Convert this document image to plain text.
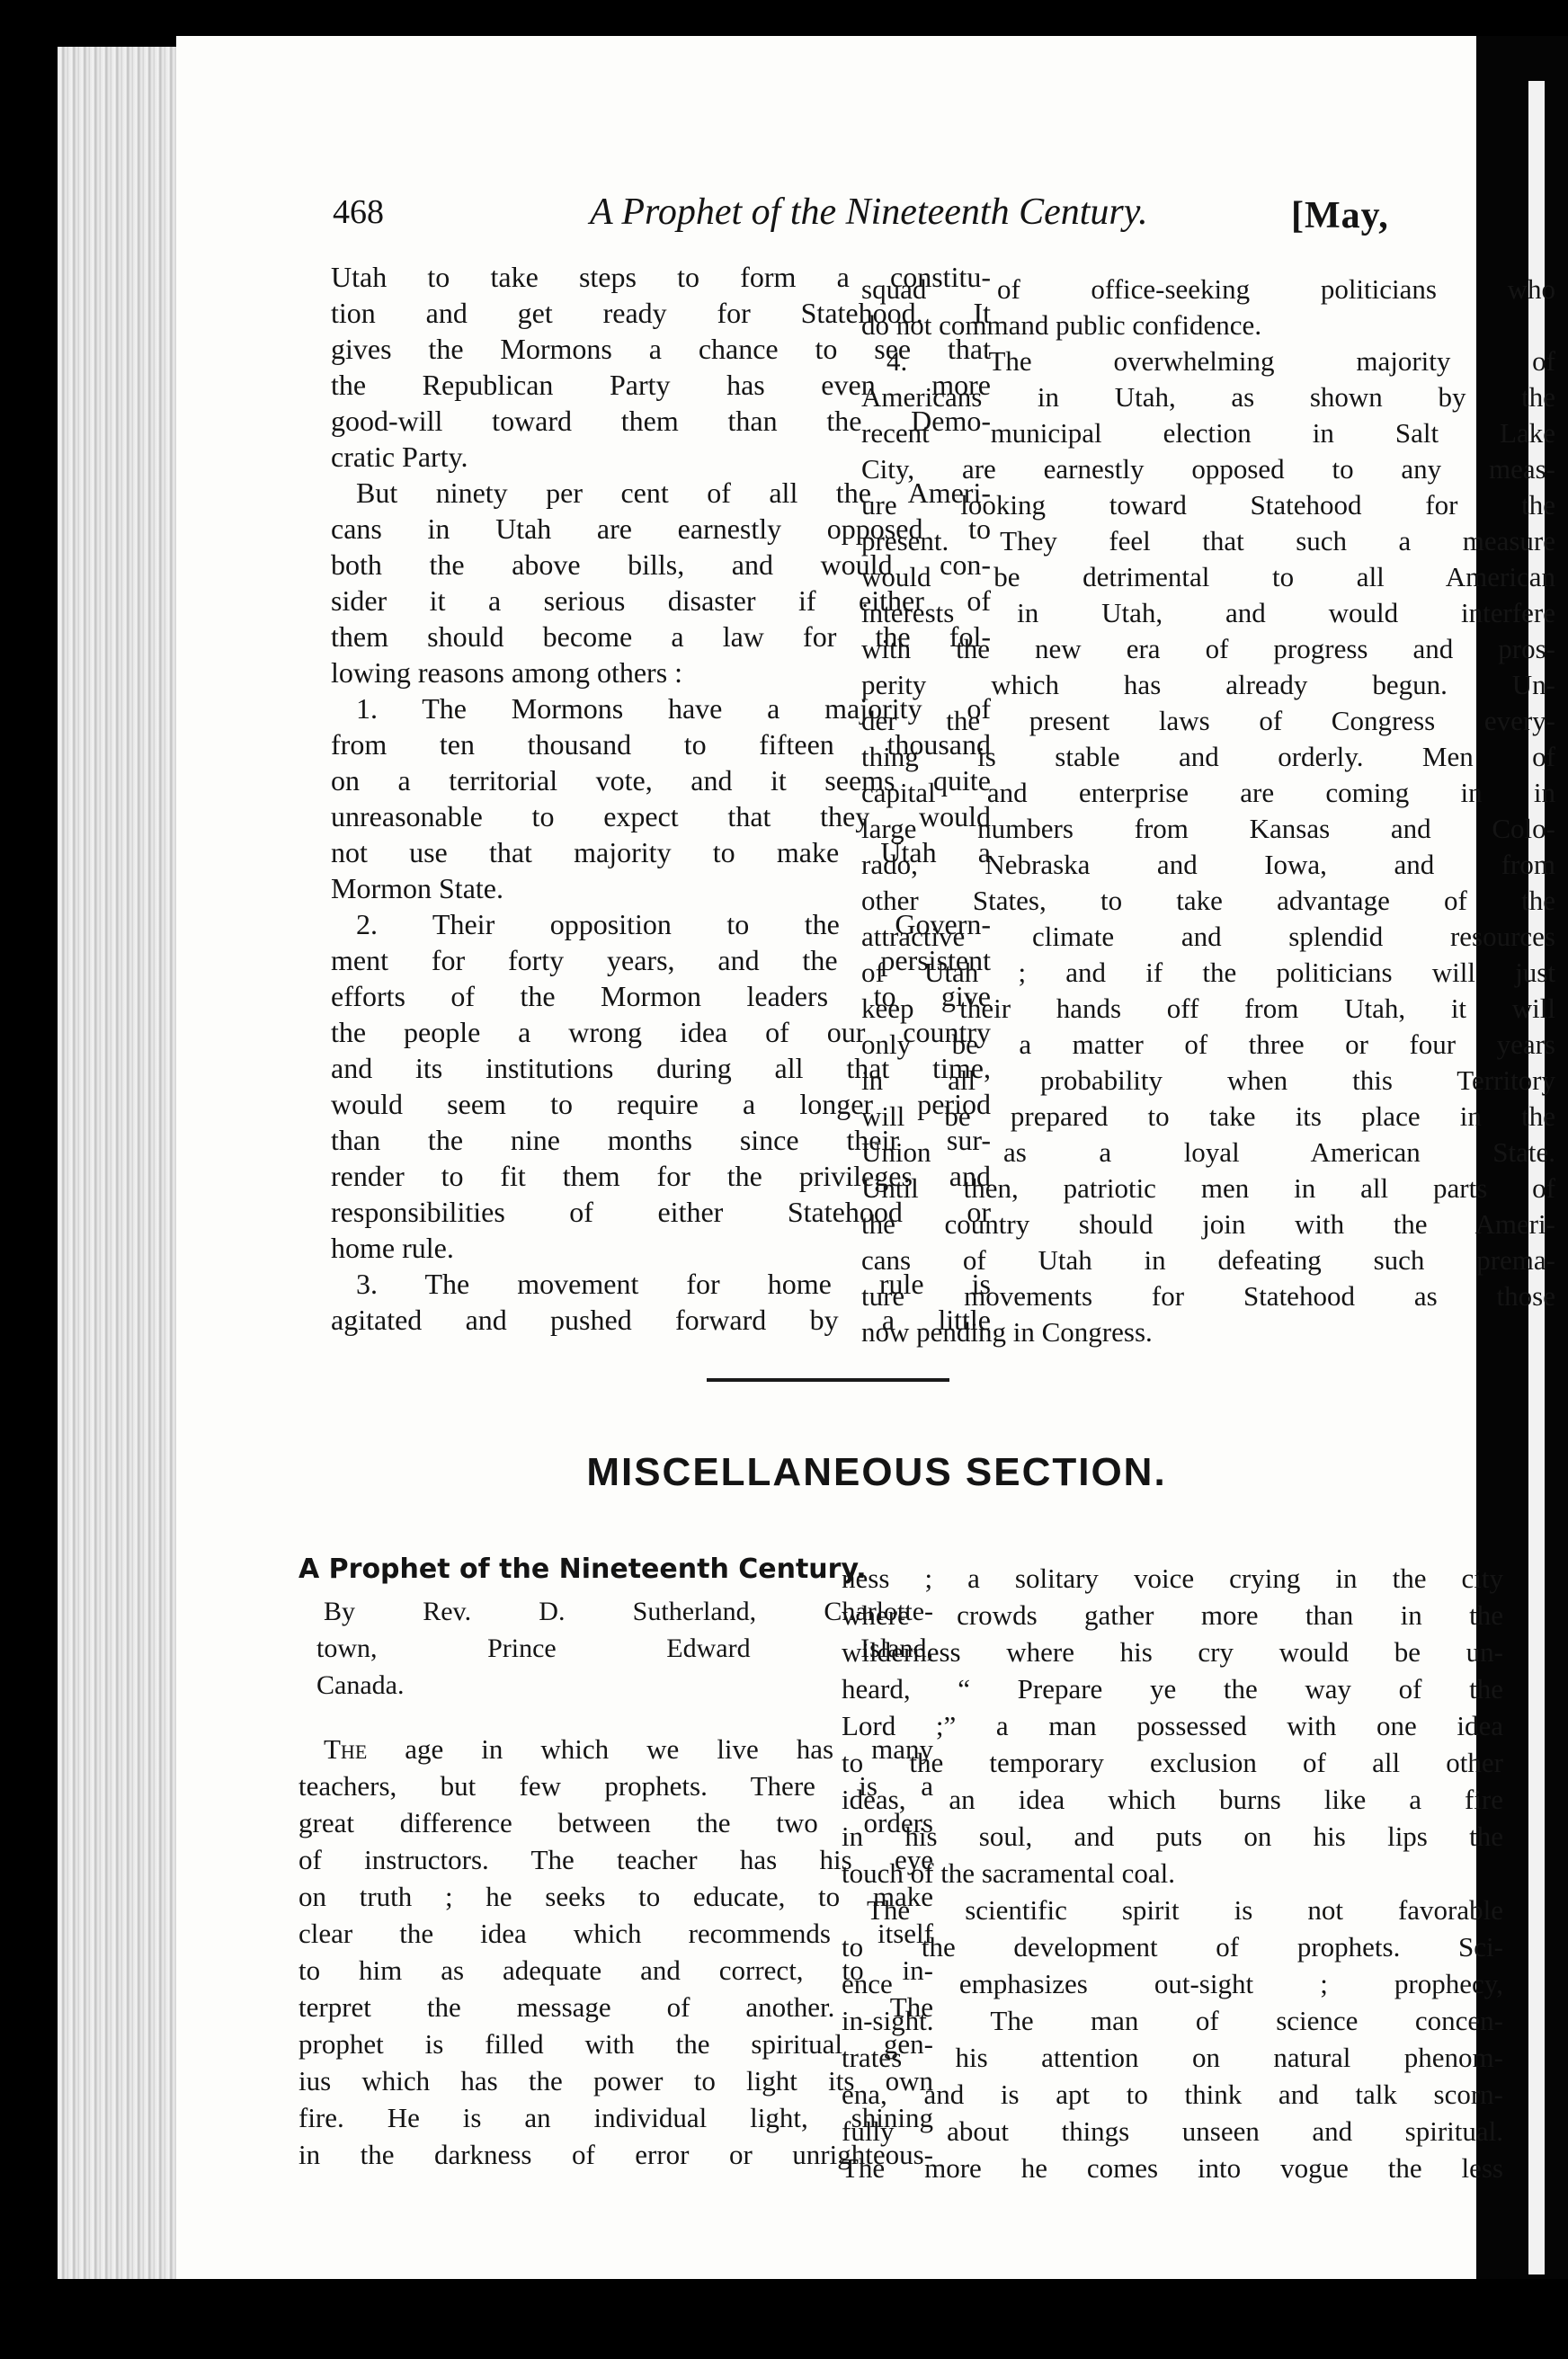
468	A Prophet of the Nineteenth Century.	[May,
Utah to take steps to form a constitu-
tion and get ready for Statehood. It
gives the Mormons a chance to see that
the Republican Party has even more
good-will toward them than the Demo-
cratic Party.
But ninety per cent of all the Ameri-
cans in Utah are earnestly opposed to
both the above bills, and would con-
sider it a serious disaster if either of
them should become a law for the fol-
lowing reasons among others :
1. The Mormons have a majority of
from ten thousand to fifteen thousand
on a territorial vote, and it seems quite
unreasonable to expect that they would
not use that majority to make Utah a
Mormon State.
2. Their opposition to the Govern-
ment for forty years, and the persistent
efforts of the Mormon leaders to give
the people a wrong idea of our country
and its institutions during all that time,
would seem to require a longer period
than the nine months since their sur-
render to fit them for the privileges and
responsibilities of either Statehood or
home rule.
3. The movement for home rule is
agitated and pushed forward by a little
squad of office-seeking politicians who
do not command public confidence.
4. The overwhelming majority of
Americans in Utah, as shown by the
recent municipal election in Salt Lake
City, are earnestly opposed to any meas-
ure looking toward Statehood for the
present. They feel that such a measure
would be detrimental to all American
interests in Utah, and would interfere
with the new era of progress and pros-
perity which has already begun. Un-
der the present laws of Congress every-
thing is stable and orderly. Men of
capital and enterprise are coming in in
large numbers from Kansas and Colo-
rado, Nebraska and Iowa, and from
other States, to take advantage of the
attractive climate and splendid resources
of Utah ; and if the politicians will just
keep their hands off from Utah, it will
only be a matter of three or four years
in all probability when this Territory
will be prepared to take its place in the
Union as a loyal American State.
Until then, patriotic men in all parts of
the country should join with the Ameri-
cans of Utah in defeating such prema-
ture movements for Statehood as those
now pending in Congress.
MISCELLANEOUS SECTION.
A Prophet of the Nineteenth Century.
By Rev. D. Sutherland, Charlotte-
town, Prince Edward Island,
Canada.
The age in which we live has many
teachers, but few prophets. There is a
great difference between the two orders
of instructors. The teacher has his eye
on truth ; he seeks to educate, to make
clear the idea which recommends itself
to him as adequate and correct, to in-
terpret the message of another. The
prophet is filled with the spiritual gen-
ius which has the power to light its own
fire. He is an individual light, shining
in the darkness of error or unrighteous-
ness ; a solitary voice crying in the city
where crowds gather more than in the
wilderness where his cry would be un-
heard, “ Prepare ye the way of the
Lord ;” a man possessed with one idea
to the temporary exclusion of all other
ideas, an idea which burns like a fire
in his soul, and puts on his lips the
touch of the sacramental coal.
The scientific spirit is not favorable
to the development of prophets. Sci-
ence emphasizes out-sight ; prophecy,
in-sight. The man of science concen-
trates his attention on natural phenom-
ena, and is apt to think and talk scorn-
fully about things unseen and spiritual.
The more he comes into vogue the less
